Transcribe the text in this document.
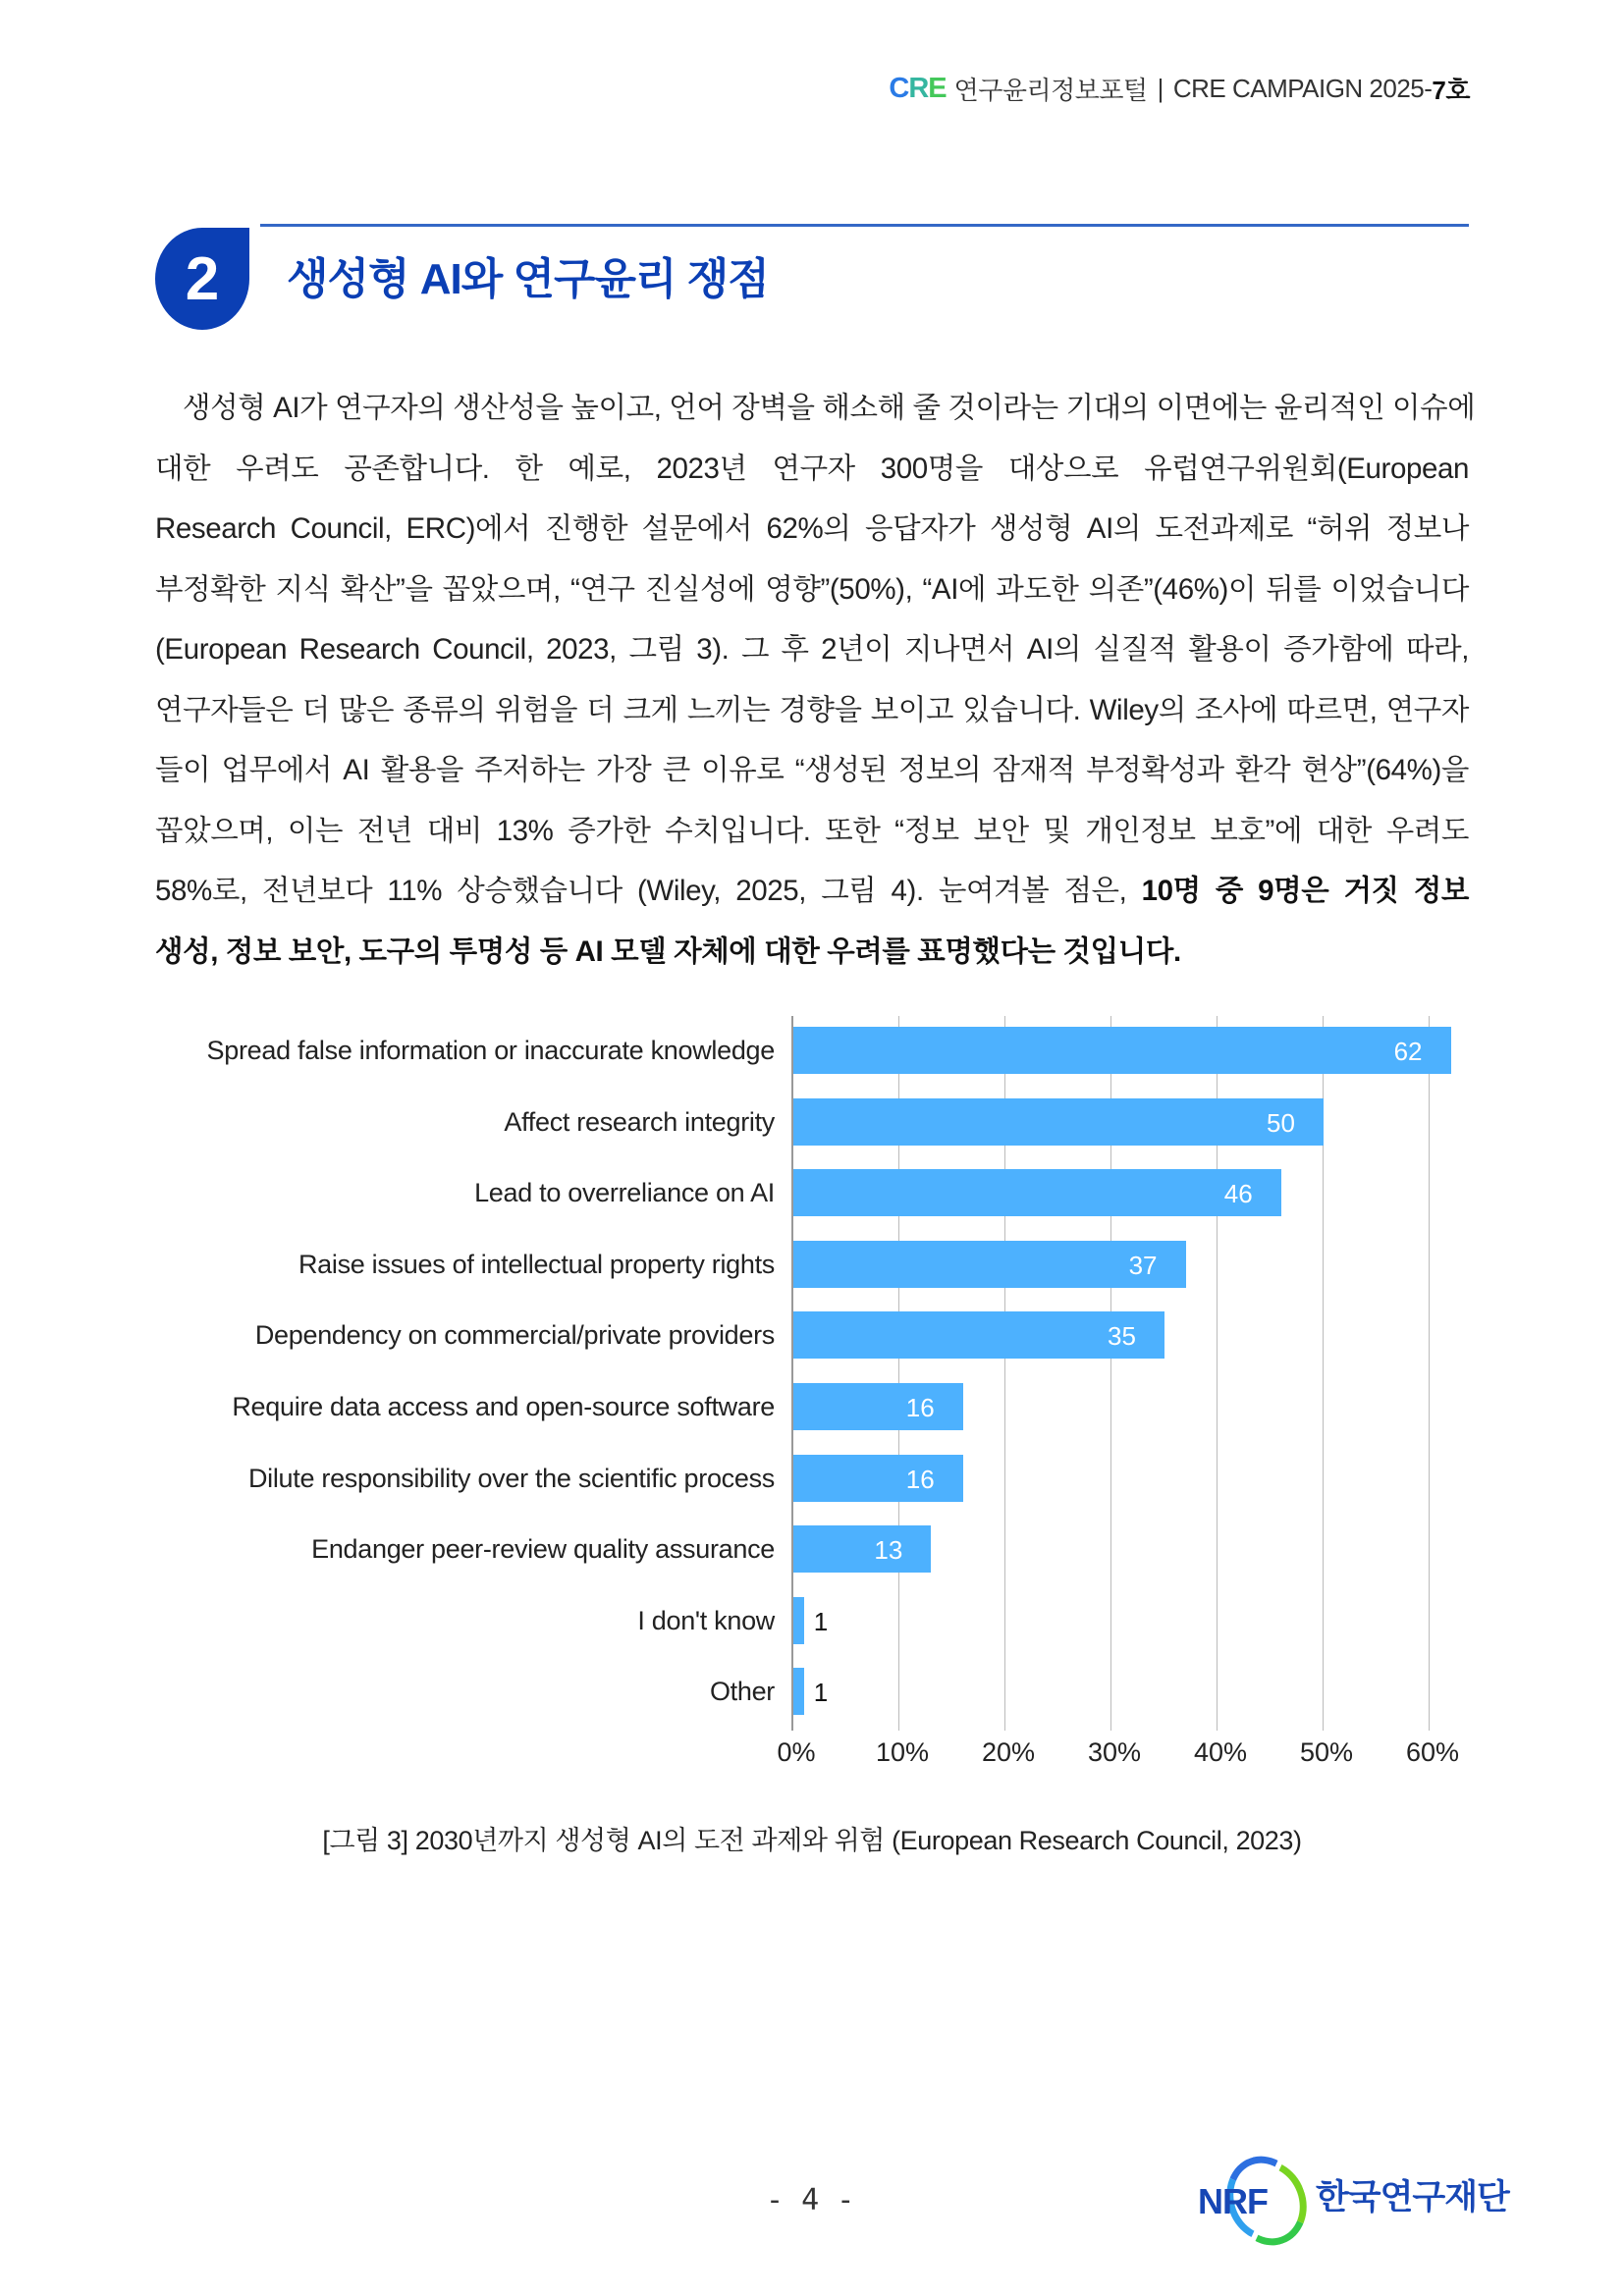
CRE 연구윤리정보포털 | CRE CAMPAIGN 2025- 7호
2	생성형 AI와 연구윤리 쟁점
생성형 AI가 연구자의 생산성을 높이고, 언어 장벽을 해소해 줄 것이라는 기대의 이면에는 윤리적인 이슈에
대한 우려도 공존합니다. 한 예로, 2023년 연구자 300명을 대상으로 유럽연구위원회(European
Research Council, ERC)에서 진행한 설문에서 62%의 응답자가 생성형 AI의 도전과제로 “허위 정보나
부정확한 지식 확산”을 꼽았으며, “연구 진실성에 영향”(50%), “AI에 과도한 의존”(46%)이 뒤를 이었습니다
(European Research Council, 2023, 그림 3). 그 후 2년이 지나면서 AI의 실질적 활용이 증가함에 따라,
연구자들은 더 많은 종류의 위험을 더 크게 느끼는 경향을 보이고 있습니다. Wiley의 조사에 따르면, 연구자
들이 업무에서 AI 활용을 주저하는 가장 큰 이유로 “생성된 정보의 잠재적 부정확성과 환각 현상”(64%)을
꼽았으며, 이는 전년 대비 13% 증가한 수치입니다. 또한 “정보 보안 및 개인정보 보호”에 대한 우려도
58%로, 전년보다 11% 상승했습니다 (Wiley, 2025, 그림 4). 눈여겨볼 점은, 10명 중 9명은 거짓 정보
생성, 정보 보안, 도구의 투명성 등 AI 모델 자체에 대한 우려를 표명했다는 것입니다.
0% 10% 20% 30% 40% 50% 60%
Spread false information or inaccurate knowledge	62
Affect research integrity	50
Lead to overreliance on AI	46
Raise issues of intellectual property rights	37
Dependency on commercial/private providers	35
Require data access and open-source software	16
Dilute responsibility over the scientific process	16
Endanger peer-review quality assurance	13
I don't know 1
Other 1
[그림 3] 2030년까지 생성형 AI의 도전 과제와 위험 (European Research Council, 2023)
- 4 -	NRF 한국연구재단
